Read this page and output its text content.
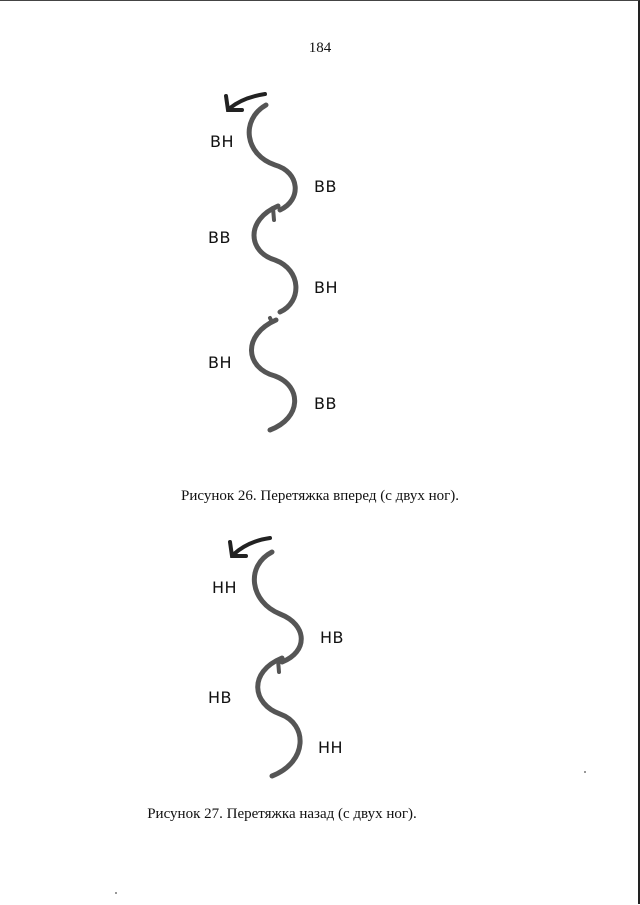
184
ВН
ВВ
ВВ
ВН
ВН
ВВ
Рисунок 26. Перетяжка вперед (с двух ног).
НН
НВ
НВ
НН
Рисунок 27. Перетяжка назад (с двух ног).
